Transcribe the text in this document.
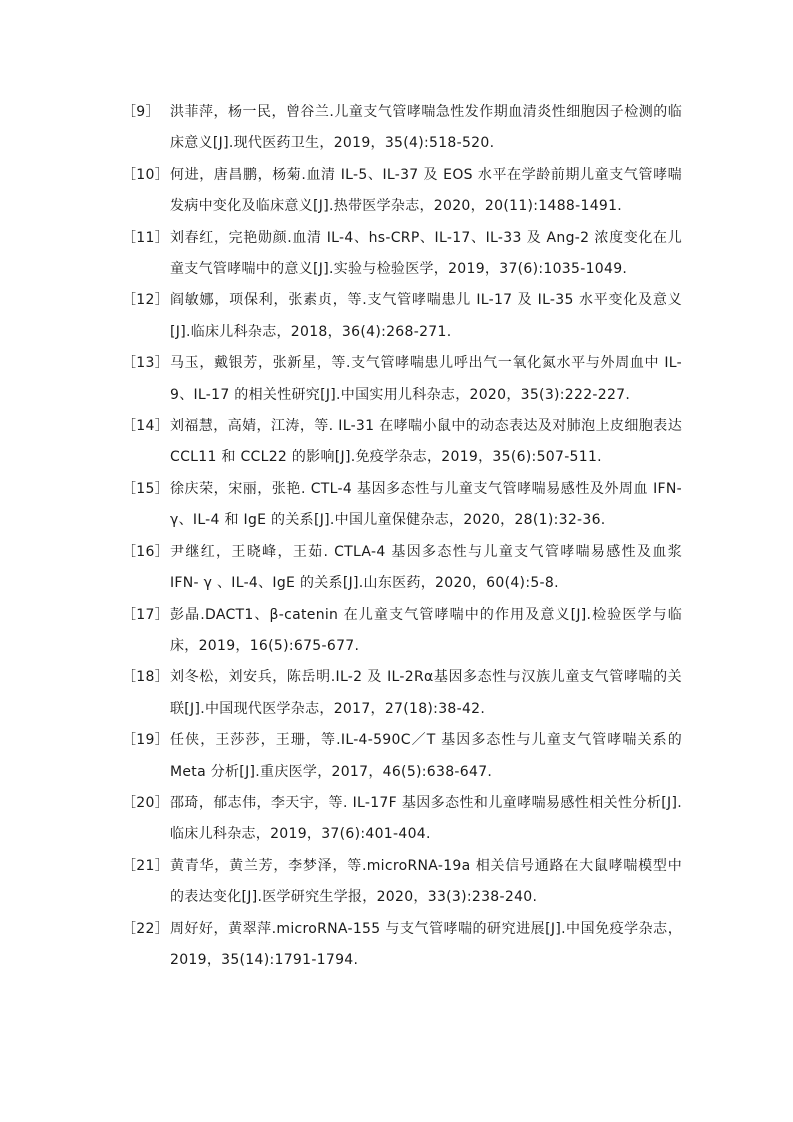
［9］ 洪菲萍，杨一民，曾谷兰.儿童支气管哮喘急性发作期血清炎性细胞因子检测的临床意义[J].现代医药卫生，2019，35(4):518-520.
［10］ 何进，唐昌鹏，杨菊.血清 IL-5、IL-37 及 EOS 水平在学龄前期儿童支气管哮喘发病中变化及临床意义[J].热带医学杂志，2020，20(11):1488-1491.
［11］ 刘春红，完艳勋颜.血清 IL-4、hs-CRP、IL-17、IL-33 及 Ang-2 浓度变化在儿童支气管哮喘中的意义[J].实验与检验医学，2019，37(6):1035-1049.
［12］ 阎敏娜，项保利，张素贞，等.支气管哮喘患儿 IL-17 及 IL-35 水平变化及意义[J].临床儿科杂志，2018，36(4):268-271.
［13］ 马玉，戴银芳，张新星，等.支气管哮喘患儿呼出气一氧化氮水平与外周血中 IL-9、IL-17 的相关性研究[J].中国实用儿科杂志，2020，35(3):222-227.
［14］ 刘福慧，高婧，江涛，等. IL-31 在哮喘小鼠中的动态表达及对肺泡上皮细胞表达 CCL11 和 CCL22 的影响[J].免疫学杂志，2019，35(6):507-511.
［15］ 徐庆荣，宋丽，张艳. CTL-4 基因多态性与儿童支气管哮喘易感性及外周血 IFN-γ、IL-4 和 IgE 的关系[J].中国儿童保健杂志，2020，28(1):32-36.
［16］ 尹继红，王晓峰，王茹. CTLA-4 基因多态性与儿童支气管哮喘易感性及血浆 IFN- γ 、IL-4、IgE 的关系[J].山东医药，2020，60(4):5-8.
［17］ 彭晶.DACT1、β-catenin 在儿童支气管哮喘中的作用及意义[J].检验医学与临床，2019，16(5):675-677.
［18］ 刘冬松，刘安兵，陈岳明.IL-2 及 IL-2Rα基因多态性与汉族儿童支气管哮喘的关联[J].中国现代医学杂志，2017，27(18):38-42.
［19］ 任侠，王莎莎，王珊，等.IL-4-590C／T 基因多态性与儿童支气管哮喘关系的 Meta 分析[J].重庆医学，2017，46(5):638-647.
［20］ 邵琦，郁志伟，李天宇，等. IL-17F 基因多态性和儿童哮喘易感性相关性分析[J].临床儿科杂志，2019，37(6):401-404.
［21］ 黄青华，黄兰芳，李梦泽，等.microRNA-19a 相关信号通路在大鼠哮喘模型中的表达变化[J].医学研究生学报，2020，33(3):238-240.
［22］ 周好好，黄翠萍.microRNA-155 与支气管哮喘的研究进展[J].中国免疫学杂志，2019，35(14):1791-1794.
